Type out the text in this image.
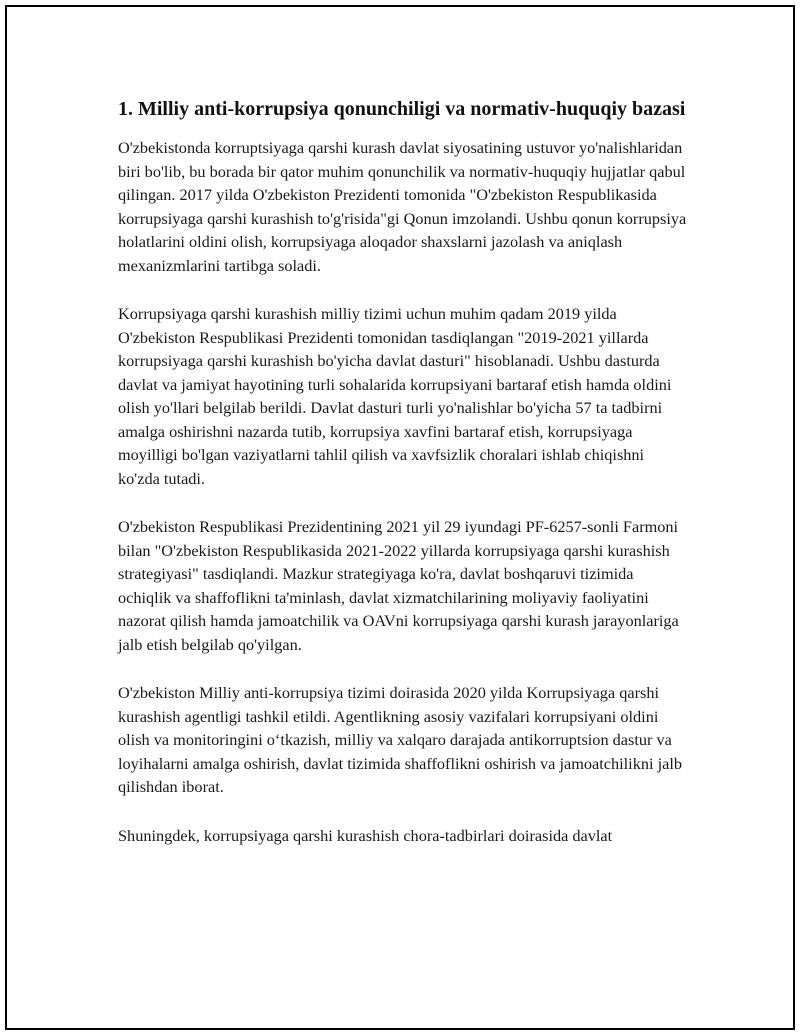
1. Milliy anti-korrupsiya qonunchiligi va normativ-huquqiy bazasi

O'zbekistonda korruptsiyaga qarshi kurash davlat siyosatining ustuvor yo'nalishlaridan biri bo'lib, bu borada bir qator muhim qonunchilik va normativ-huquqiy hujjatlar qabul qilingan. 2017 yilda O'zbekiston Prezidenti tomonida "O'zbekiston Respublikasida korrupsiyaga qarshi kurashish to'g'risida"gi Qonun imzolandi. Ushbu qonun korrupsiya holatlarini oldini olish, korrupsiyaga aloqador shaxslarni jazolash va aniqlash mexanizmlarini tartibga soladi.

Korrupsiyaga qarshi kurashish milliy tizimi uchun muhim qadam 2019 yilda O'zbekiston Respublikasi Prezidenti tomonidan tasdiqlangan "2019-2021 yillarda korrupsiyaga qarshi kurashish bo'yicha davlat dasturi" hisoblanadi. Ushbu dasturda davlat va jamiyat hayotining turli sohalarida korrupsiyani bartaraf etish hamda oldini olish yo'llari belgilab berildi. Davlat dasturi turli yo'nalishlar bo'yicha 57 ta tadbirni amalga oshirishni nazarda tutib, korrupsiya xavfini bartaraf etish, korrupsiyaga moyilligi bo'lgan vaziyatlarni tahlil qilish va xavfsizlik choralari ishlab chiqishni ko'zda tutadi.

O'zbekiston Respublikasi Prezidentining 2021 yil 29 iyundagi PF-6257-sonli Farmoni bilan "O'zbekiston Respublikasida 2021-2022 yillarda korrupsiyaga qarshi kurashish strategiyasi" tasdiqlandi. Mazkur strategiyaga ko'ra, davlat boshqaruvi tizimida ochiqlik va shaffoflikni ta'minlash, davlat xizmatchilarining moliyaviy faoliyatini nazorat qilish hamda jamoatchilik va OAVni korrupsiyaga qarshi kurash jarayonlariga jalb etish belgilab qo'yilgan.

O'zbekiston Milliy anti-korrupsiya tizimi doirasida 2020 yilda Korrupsiyaga qarshi kurashish agentligi tashkil etildi. Agentlikning asosiy vazifalari korrupsiyani oldini olish va monitoringini o‘tkazish, milliy va xalqaro darajada antikorruptsion dastur va loyihalarni amalga oshirish, davlat tizimida shaffoflikni oshirish va jamoatchilikni jalb qilishdan iborat.

Shuningdek, korrupsiyaga qarshi kurashish chora-tadbirlari doirasida davlat
